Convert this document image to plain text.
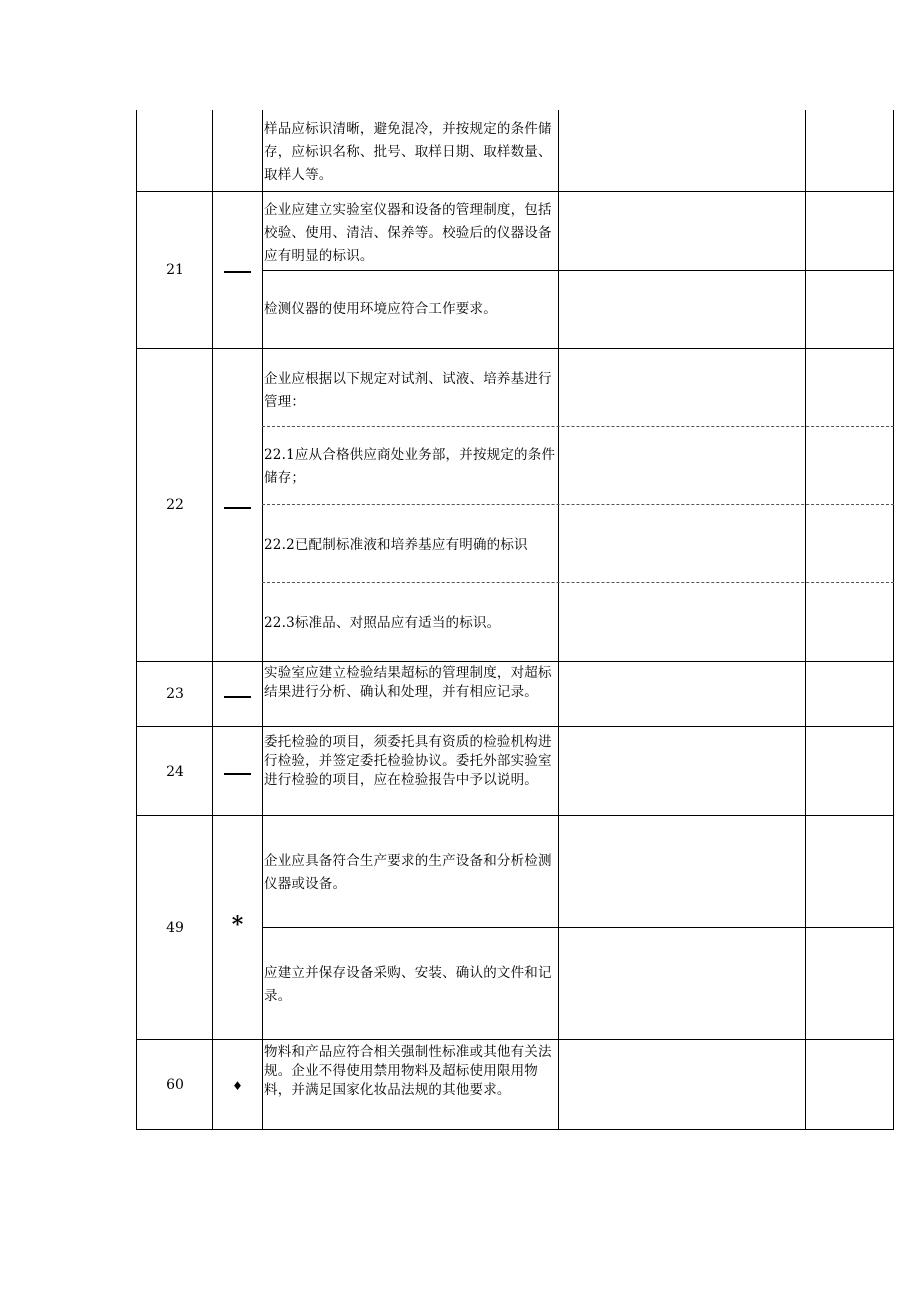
样品应标识清晰，避免混冷，并按规定的条件储存，应标识名称、批号、取样日期、取样数量、取样人等。
21
企业应建立实验室仪器和设备的管理制度，包括校验、使用、清洁、保养等。校验后的仪器设备应有明显的标识。
检测仪器的使用环境应符合工作要求。
22
企业应根据以下规定对试剂、试液、培养基进行管理：
22.1应从合格供应商处业务部，并按规定的条件储存；
22.2已配制标准液和培养基应有明确的标识
22.3标准品、对照品应有适当的标识。
23
实验室应建立检验结果超标的管理制度，对超标结果进行分析、确认和处理，并有相应记录。
24
委托检验的项目，须委托具有资质的检验机构进行检验，并签定委托检验协议。委托外部实验室进行检验的项目，应在检验报告中予以说明。
49	*
企业应具备符合生产要求的生产设备和分析检测仪器或设备。
应建立并保存设备采购、安装、确认的文件和记录。
60	♦
物料和产品应符合相关强制性标准或其他有关法规。企业不得使用禁用物料及超标使用限用物料，并满足国家化妆品法规的其他要求。
